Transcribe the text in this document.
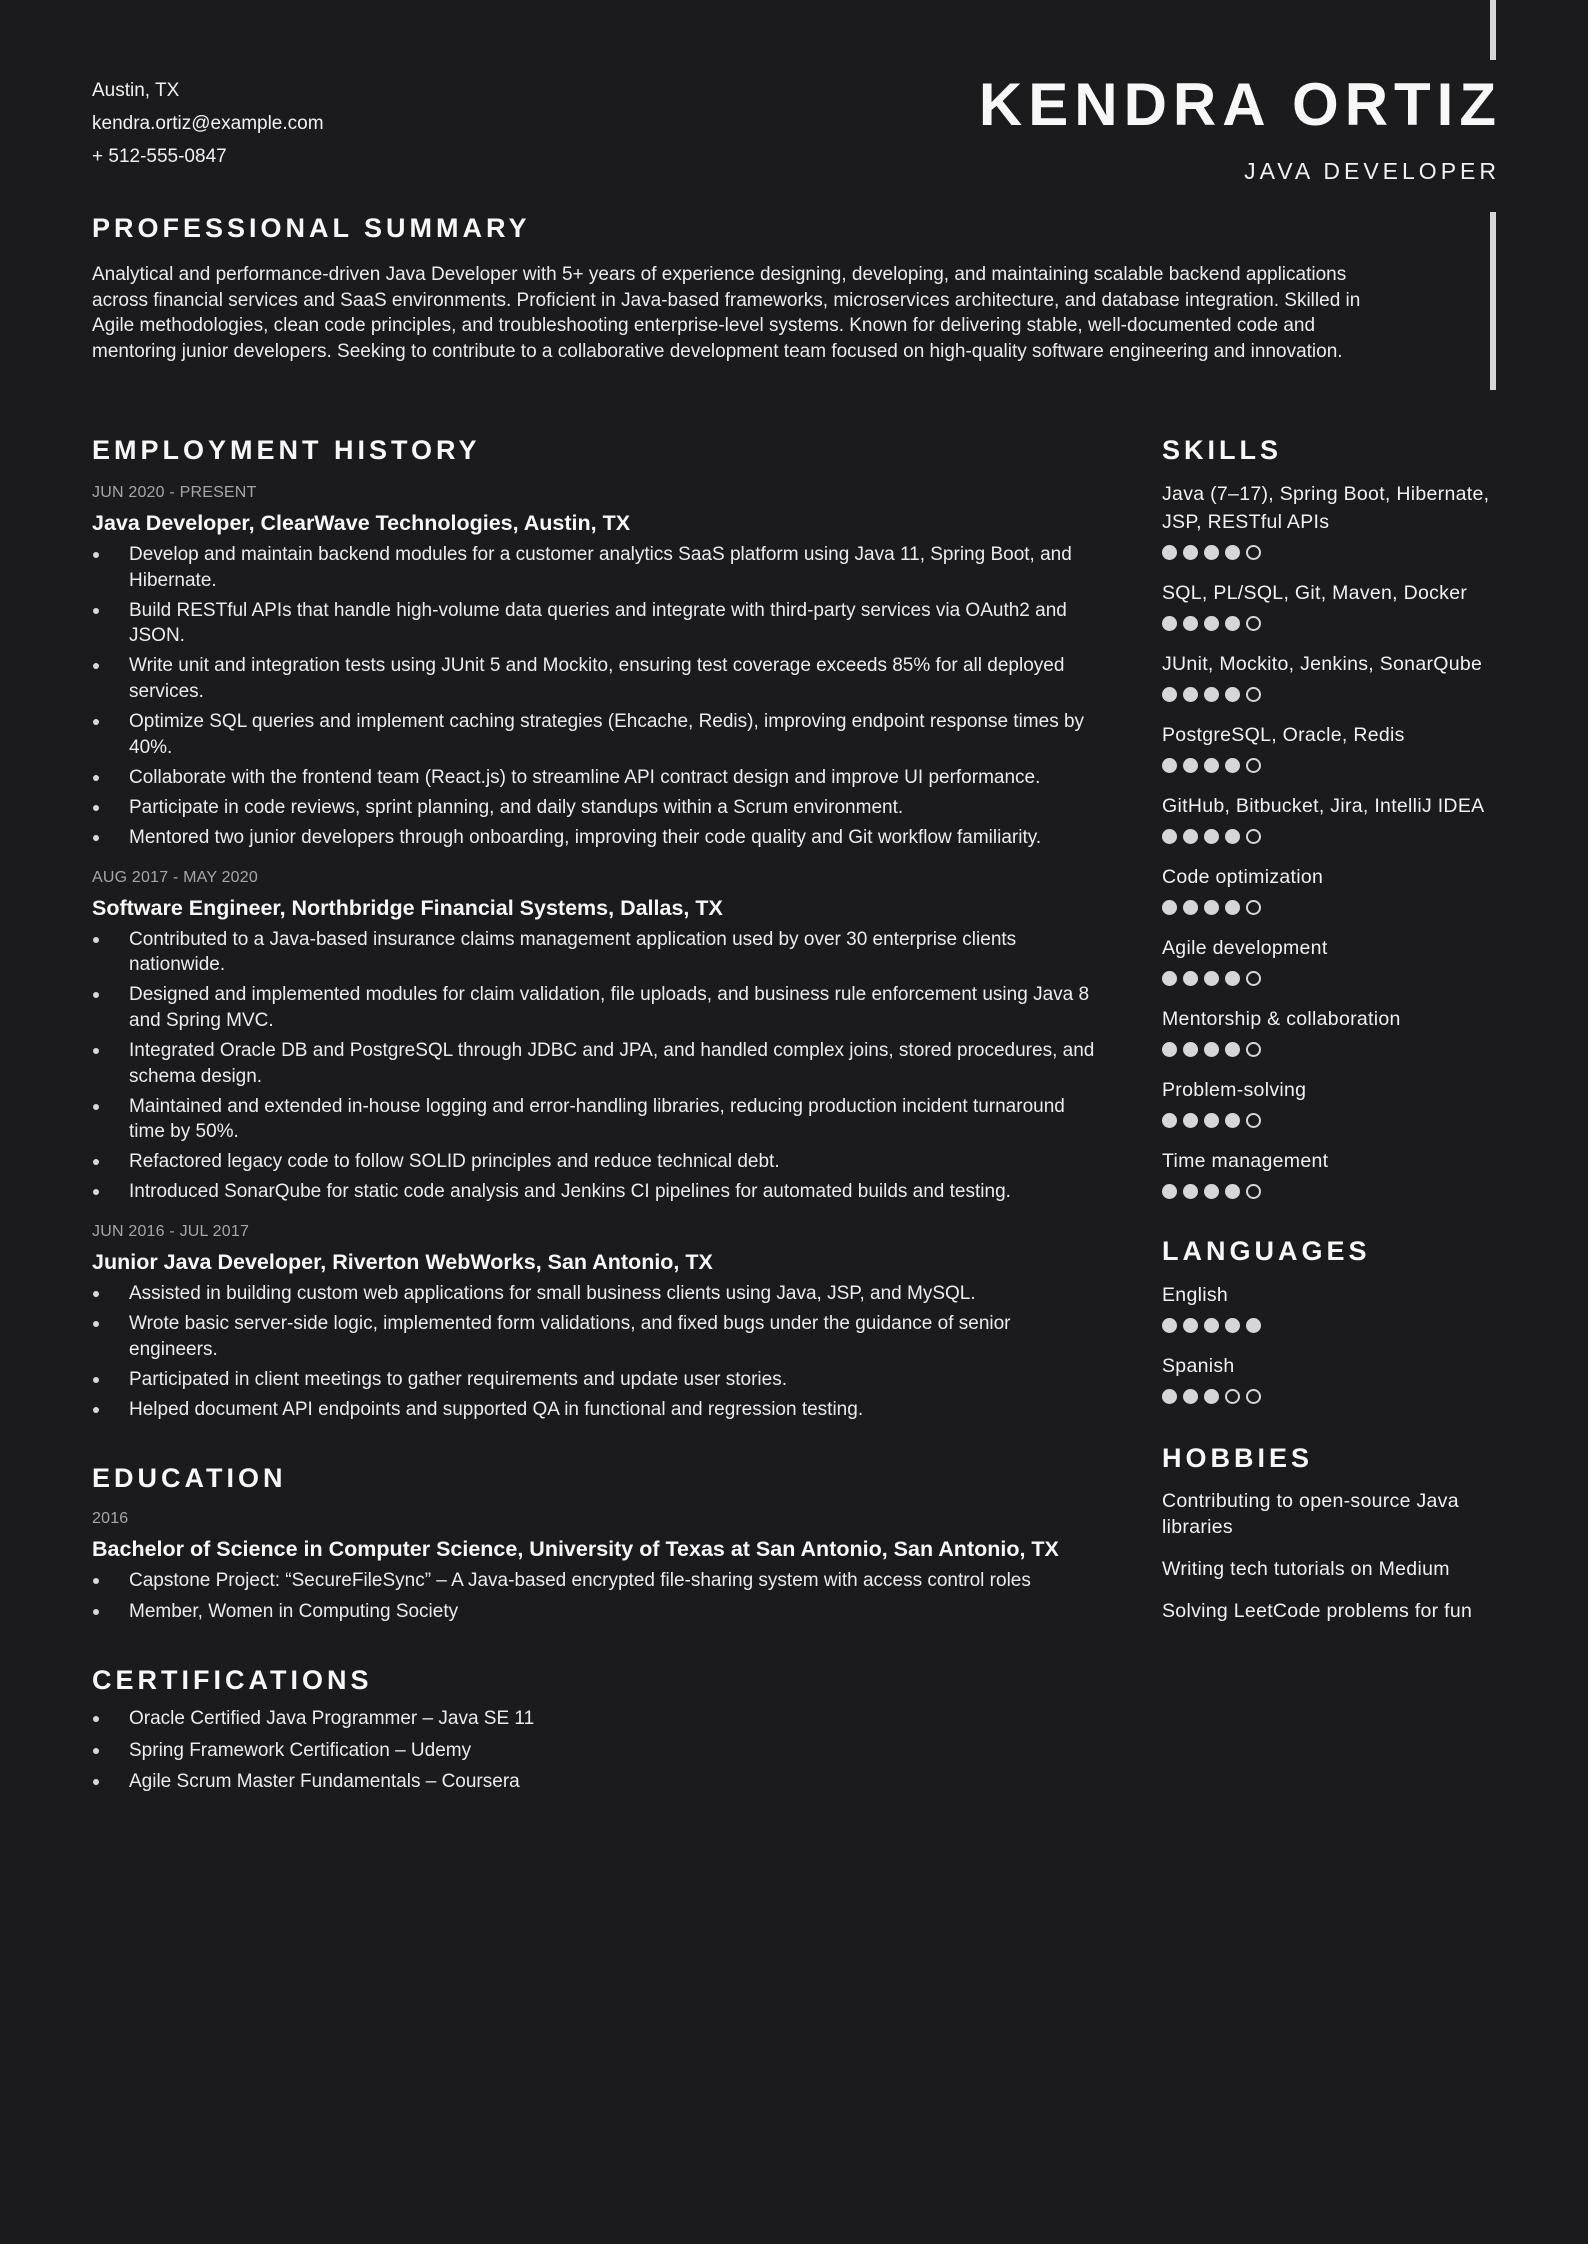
Austin, TX
kendra.ortiz@example.com
+ 512-555-0847
KENDRA ORTIZ
JAVA DEVELOPER
PROFESSIONAL SUMMARY

Analytical and performance-driven Java Developer with 5+ years of experience designing, developing, and maintaining scalable backend applications across financial services and SaaS environments. Proficient in Java-based frameworks, microservices architecture, and database integration. Skilled in Agile methodologies, clean code principles, and troubleshooting enterprise-level systems. Known for delivering stable, well-documented code and mentoring junior developers. Seeking to contribute to a collaborative development team focused on high-quality software engineering and innovation.

EMPLOYMENT HISTORY
JUN 2020 - PRESENT
Java Developer, ClearWave Technologies, Austin, TX
Develop and maintain backend modules for a customer analytics SaaS platform using Java 11, Spring Boot, and Hibernate.
Build RESTful APIs that handle high-volume data queries and integrate with third-party services via OAuth2 and JSON.
Write unit and integration tests using JUnit 5 and Mockito, ensuring test coverage exceeds 85% for all deployed services.
Optimize SQL queries and implement caching strategies (Ehcache, Redis), improving endpoint response times by 40%.
Collaborate with the frontend team (React.js) to streamline API contract design and improve UI performance.
Participate in code reviews, sprint planning, and daily standups within a Scrum environment.
Mentored two junior developers through onboarding, improving their code quality and Git workflow familiarity.
AUG 2017 - MAY 2020
Software Engineer, Northbridge Financial Systems, Dallas, TX
Contributed to a Java-based insurance claims management application used by over 30 enterprise clients nationwide.
Designed and implemented modules for claim validation, file uploads, and business rule enforcement using Java 8 and Spring MVC.
Integrated Oracle DB and PostgreSQL through JDBC and JPA, and handled complex joins, stored procedures, and schema design.
Maintained and extended in-house logging and error-handling libraries, reducing production incident turnaround time by 50%.
Refactored legacy code to follow SOLID principles and reduce technical debt.
Introduced SonarQube for static code analysis and Jenkins CI pipelines for automated builds and testing.
JUN 2016 - JUL 2017
Junior Java Developer, Riverton WebWorks, San Antonio, TX
Assisted in building custom web applications for small business clients using Java, JSP, and MySQL.
Wrote basic server-side logic, implemented form validations, and fixed bugs under the guidance of senior engineers.
Participated in client meetings to gather requirements and update user stories.
Helped document API endpoints and supported QA in functional and regression testing.
EDUCATION
2016
Bachelor of Science in Computer Science, University of Texas at San Antonio, San Antonio, TX
Capstone Project: “SecureFileSync” – A Java-based encrypted file-sharing system with access control roles
Member, Women in Computing Society
CERTIFICATIONS
Oracle Certified Java Programmer – Java SE 11
Spring Framework Certification – Udemy
Agile Scrum Master Fundamentals – Coursera
SKILLS
Java (7–17), Spring Boot, Hibernate, JSP, RESTful APIs
SQL, PL/SQL, Git, Maven, Docker
JUnit, Mockito, Jenkins, SonarQube
PostgreSQL, Oracle, Redis
GitHub, Bitbucket, Jira, IntelliJ IDEA
Code optimization
Agile development
Mentorship & collaboration
Problem-solving
Time management
LANGUAGES
English
Spanish
HOBBIES
Contributing to open-source Java libraries
Writing tech tutorials on Medium
Solving LeetCode problems for fun
